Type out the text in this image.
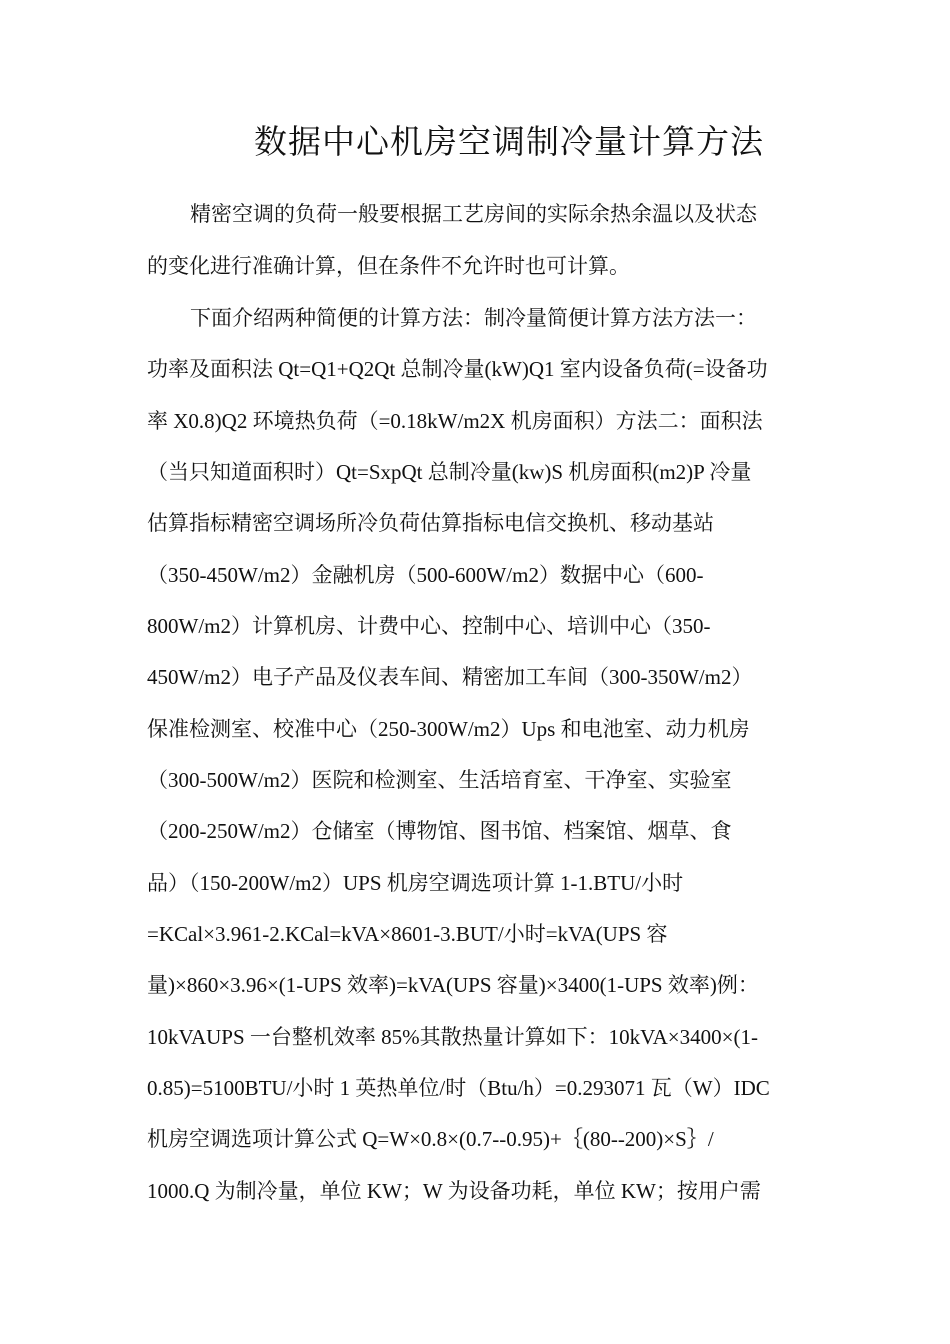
数据中心机房空调制冷量计算方法
精密空调的负荷一般要根据工艺房间的实际余热余温以及状态
的变化进行准确计算，但在条件不允许时也可计算。
下面介绍两种简便的计算方法：制冷量简便计算方法方法一：
功率及面积法 Qt=Q1+Q2Qt 总制冷量(kW)Q1 室内设备负荷(=设备功
率 X0.8)Q2 环境热负荷（=0.18kW/m2X 机房面积）方法二：面积法
（当只知道面积时）Qt=SxpQt 总制冷量(kw)S 机房面积(m2)P 冷量
估算指标精密空调场所冷负荷估算指标电信交换机、移动基站
（350-450W/m2）金融机房（500-600W/m2）数据中心（600-
800W/m2）计算机房、计费中心、控制中心、培训中心（350-
450W/m2）电子产品及仪表车间、精密加工车间（300-350W/m2）
保准检测室、校准中心（250-300W/m2）Ups 和电池室、动力机房
（300-500W/m2）医院和检测室、生活培育室、干净室、实验室
（200-250W/m2）仓储室（博物馆、图书馆、档案馆、烟草、食
品）（150-200W/m2）UPS 机房空调选项计算 1-1.BTU/小时
=KCal×3.961-2.KCal=kVA×8601-3.BUT/小时=kVA(UPS 容
量)×860×3.96×(1-UPS 效率)=kVA(UPS 容量)×3400(1-UPS 效率)例：
10kVAUPS 一台整机效率 85%其散热量计算如下：10kVA×3400×(1-
0.85)=5100BTU/小时 1 英热单位/时（Btu/h）=0.293071 瓦（W）IDC
机房空调选项计算公式 Q=W×0.8×(0.7--0.95)+｛(80--200)×S｝/
1000.Q 为制冷量，单位 KW；W 为设备功耗，单位 KW；按用户需
